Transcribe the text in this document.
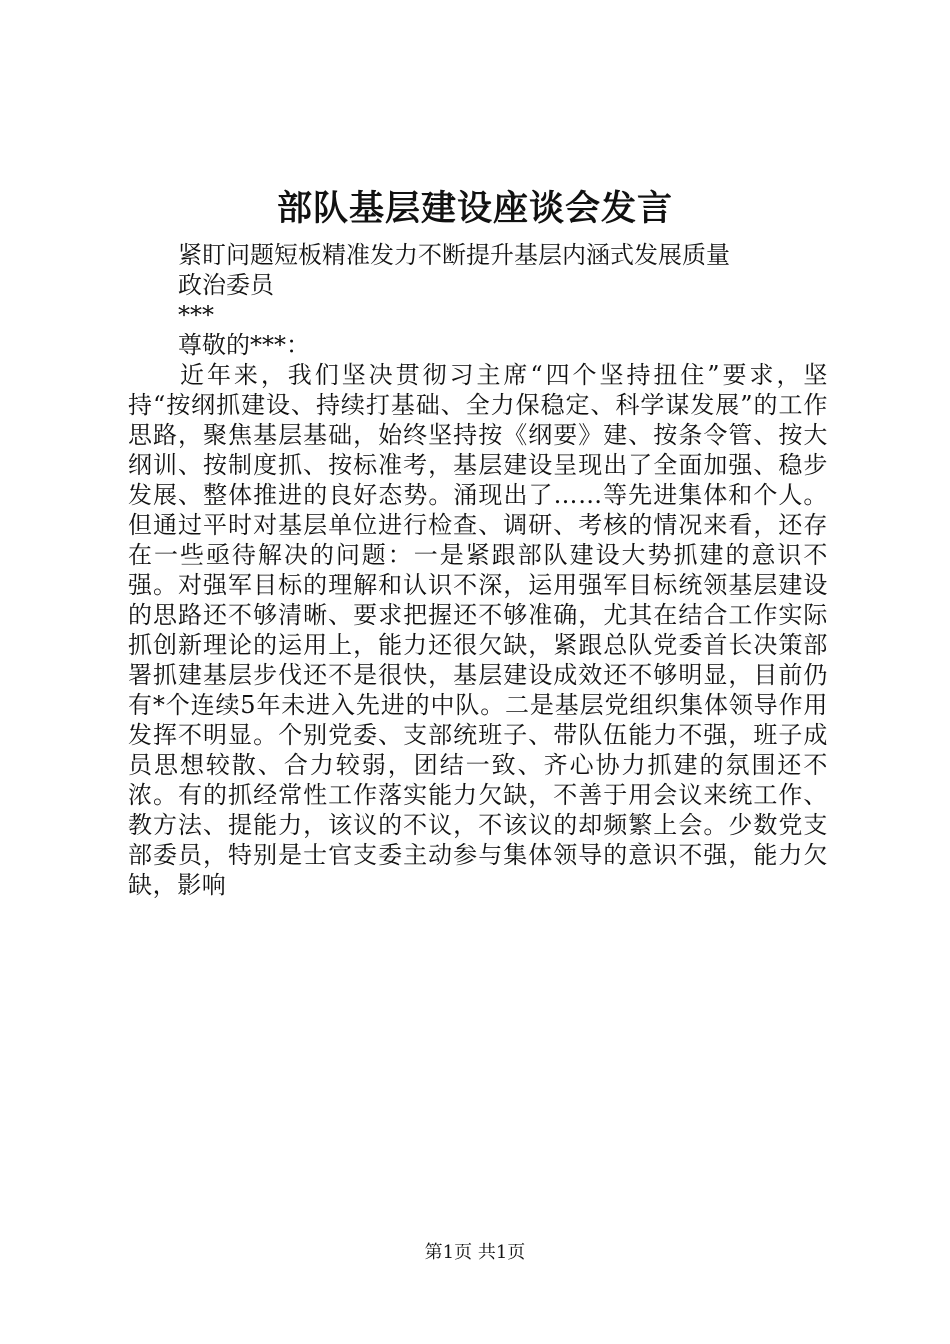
部队基层建设座谈会发言

紧盯问题短板精准发力不断提升基层内涵式发展质量

政治委员

***

尊敬的***：

近年来，我们坚决贯彻习主席“四个坚持扭住”要求，坚持“按纲抓建设、持续打基础、全力保稳定、科学谋发展”的工作思路，聚焦基层基础，始终坚持按《纲要》建、按条令管、按大纲训、按制度抓、按标准考，基层建设呈现出了全面加强、稳步发展、整体推进的良好态势。涌现出了……等先进集体和个人。但通过平时对基层单位进行检查、调研、考核的情况来看，还存在一些亟待解决的问题：一是紧跟部队建设大势抓建的意识不强。对强军目标的理解和认识不深，运用强军目标统领基层建设的思路还不够清晰、要求把握还不够准确，尤其在结合工作实际抓创新理论的运用上，能力还很欠缺，紧跟总队党委首长决策部署抓建基层步伐还不是很快，基层建设成效还不够明显，目前仍有*个连续5年未进入先进的中队。二是基层党组织集体领导作用发挥不明显。个别党委、支部统班子、带队伍能力不强，班子成员思想较散、合力较弱，团结一致、齐心协力抓建的氛围还不浓。有的抓经常性工作落实能力欠缺，不善于用会议来统工作、教方法、提能力，该议的不议，不该议的却频繁上会。少数党支部委员，特别是士官支委主动参与集体领导的意识不强，能力欠缺，影响

第1页 共1页
